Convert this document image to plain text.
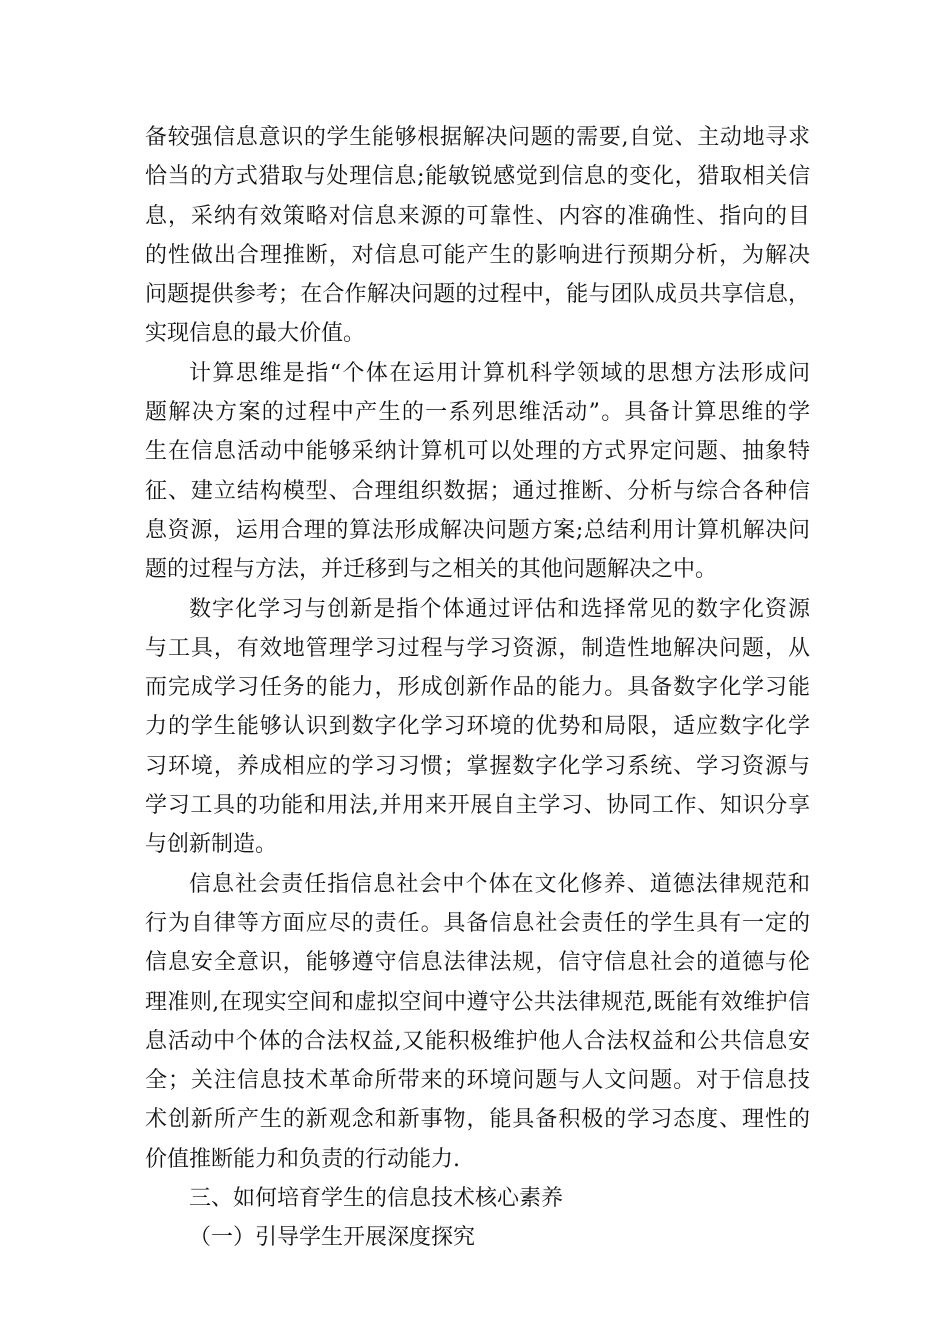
备较强信息意识的学生能够根据解决问题的需要,自觉、主动地寻求
恰当的方式猎取与处理信息;能敏锐感觉到信息的变化，猎取相关信
息，采纳有效策略对信息来源的可靠性、内容的准确性、指向的目
的性做出合理推断，对信息可能产生的影响进行预期分析，为解决
问题提供参考；在合作解决问题的过程中，能与团队成员共享信息，
实现信息的最大价值。
计算思维是指“个体在运用计算机科学领域的思想方法形成问
题解决方案的过程中产生的一系列思维活动”。具备计算思维的学
生在信息活动中能够采纳计算机可以处理的方式界定问题、抽象特
征、建立结构模型、合理组织数据；通过推断、分析与综合各种信
息资源，运用合理的算法形成解决问题方案;总结利用计算机解决问
题的过程与方法，并迁移到与之相关的其他问题解决之中。
数字化学习与创新是指个体通过评估和选择常见的数字化资源
与工具，有效地管理学习过程与学习资源，制造性地解决问题，从
而完成学习任务的能力，形成创新作品的能力。具备数字化学习能
力的学生能够认识到数字化学习环境的优势和局限，适应数字化学
习环境，养成相应的学习习惯；掌握数字化学习系统、学习资源与
学习工具的功能和用法,并用来开展自主学习、协同工作、知识分享
与创新制造。
信息社会责任指信息社会中个体在文化修养、道德法律规范和
行为自律等方面应尽的责任。具备信息社会责任的学生具有一定的
信息安全意识，能够遵守信息法律法规，信守信息社会的道德与伦
理准则,在现实空间和虚拟空间中遵守公共法律规范,既能有效维护信
息活动中个体的合法权益,又能积极维护他人合法权益和公共信息安
全；关注信息技术革命所带来的环境问题与人文问题。对于信息技
术创新所产生的新观念和新事物，能具备积极的学习态度、理性的
价值推断能力和负责的行动能力.
三、如何培育学生的信息技术核心素养
（一）引导学生开展深度探究
